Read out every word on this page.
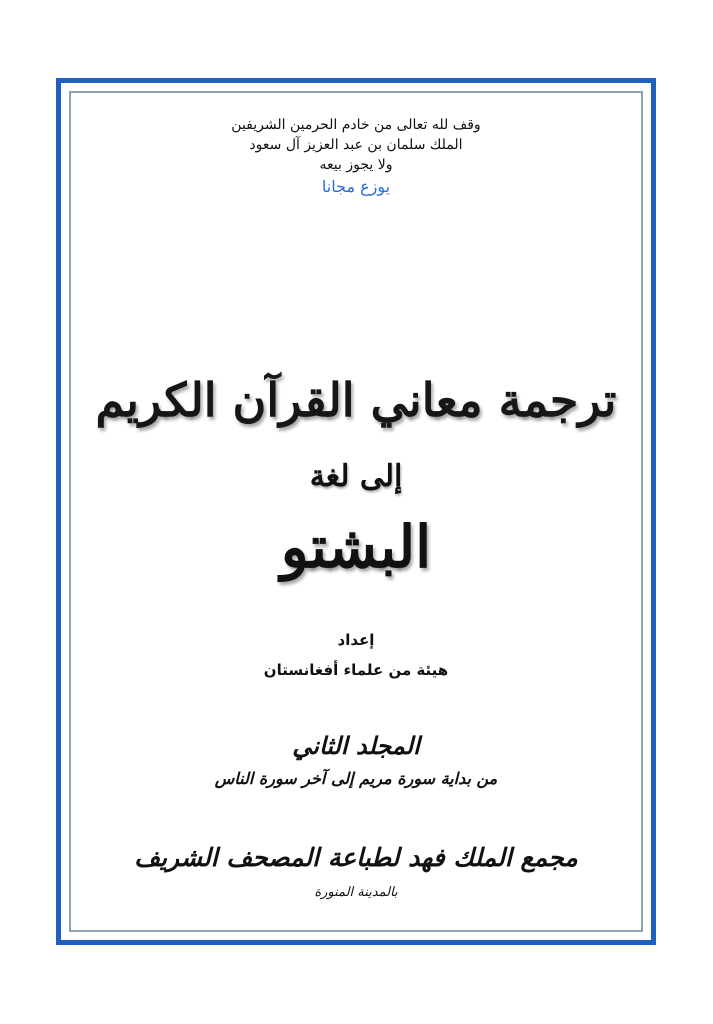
وقف لله تعالى من خادم الحرمين الشريفين
الملك سلمان بن عبد العزيز آل سعود
ولا يجوز بيعه
يوزع مجانا
ترجمة معاني القرآن الكريم
إلى لغة
البشتو
إعداد
هيئة من علماء أفغانستان
المجلد الثاني
من بداية سورة مريم إلى آخر سورة الناس
مجمع الملك فهد لطباعة المصحف الشريف
بالمدينة المنورة
